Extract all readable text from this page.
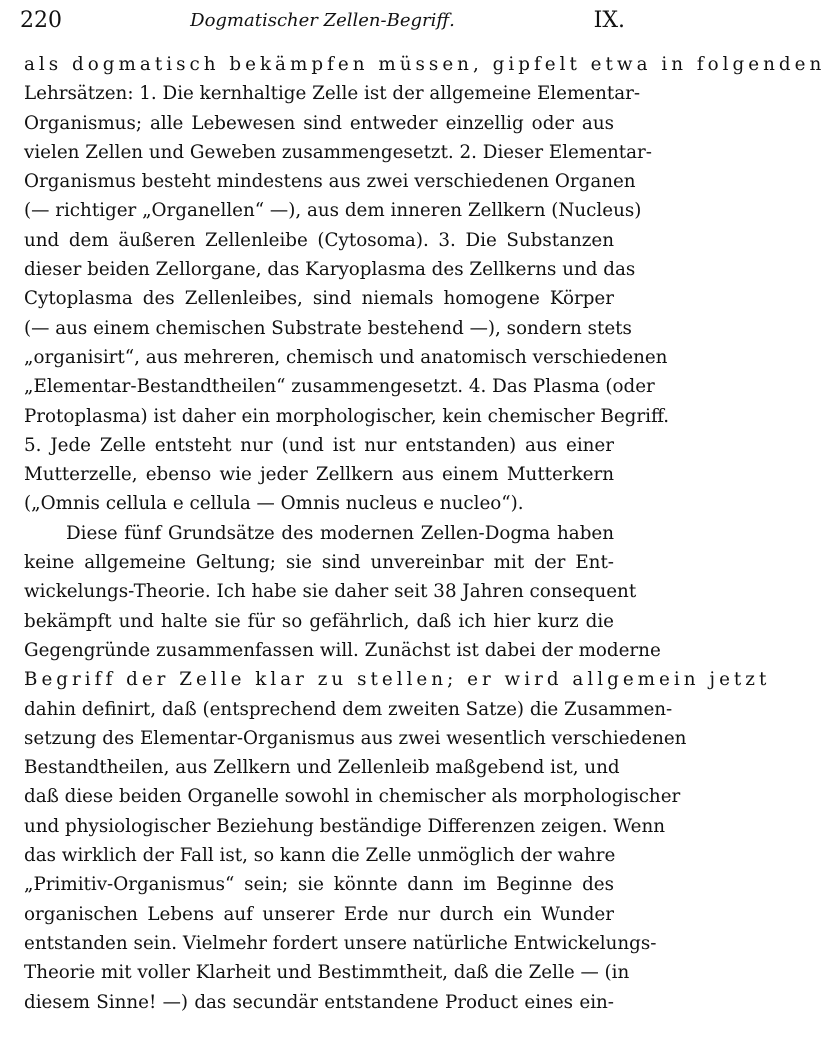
220	Dogmatischer Zellen-Begriff.	IX.
als dogmatisch bekämpfen müssen, gipfelt etwa in folgenden
Lehrsätzen: 1. Die kernhaltige Zelle ist der allgemeine Elementar-
Organismus; alle Lebewesen sind entweder einzellig oder aus
vielen Zellen und Geweben zusammengesetzt. 2. Dieser Elementar-
Organismus besteht mindestens aus zwei verschiedenen Organen
(— richtiger „Organellen“ —), aus dem inneren Zellkern (Nucleus)
und dem äußeren Zellenleibe (Cytosoma). 3. Die Substanzen
dieser beiden Zellorgane, das Karyoplasma des Zellkerns und das
Cytoplasma des Zellenleibes, sind niemals homogene Körper
(— aus einem chemischen Substrate bestehend —), sondern stets
„organisirt“, aus mehreren, chemisch und anatomisch verschiedenen
„Elementar-Bestandtheilen“ zusammengesetzt. 4. Das Plasma (oder
Protoplasma) ist daher ein morphologischer, kein chemischer Begriff.
5. Jede Zelle entsteht nur (und ist nur entstanden) aus einer
Mutterzelle, ebenso wie jeder Zellkern aus einem Mutterkern
(„Omnis cellula e cellula — Omnis nucleus e nucleo“).
Diese fünf Grundsätze des modernen Zellen-Dogma haben
keine allgemeine Geltung; sie sind unvereinbar mit der Ent-
wickelungs-Theorie. Ich habe sie daher seit 38 Jahren consequent
bekämpft und halte sie für so gefährlich, daß ich hier kurz die
Gegengründe zusammenfassen will. Zunächst ist dabei der moderne
Begriff der Zelle klar zu stellen; er wird allgemein jetzt
dahin definirt, daß (entsprechend dem zweiten Satze) die Zusammen-
setzung des Elementar-Organismus aus zwei wesentlich verschiedenen
Bestandtheilen, aus Zellkern und Zellenleib maßgebend ist, und
daß diese beiden Organelle sowohl in chemischer als morphologischer
und physiologischer Beziehung beständige Differenzen zeigen. Wenn
das wirklich der Fall ist, so kann die Zelle unmöglich der wahre
„Primitiv-Organismus“ sein; sie könnte dann im Beginne des
organischen Lebens auf unserer Erde nur durch ein Wunder
entstanden sein. Vielmehr fordert unsere natürliche Entwickelungs-
Theorie mit voller Klarheit und Bestimmtheit, daß die Zelle — (in
diesem Sinne! —) das secundär entstandene Product eines ein-
